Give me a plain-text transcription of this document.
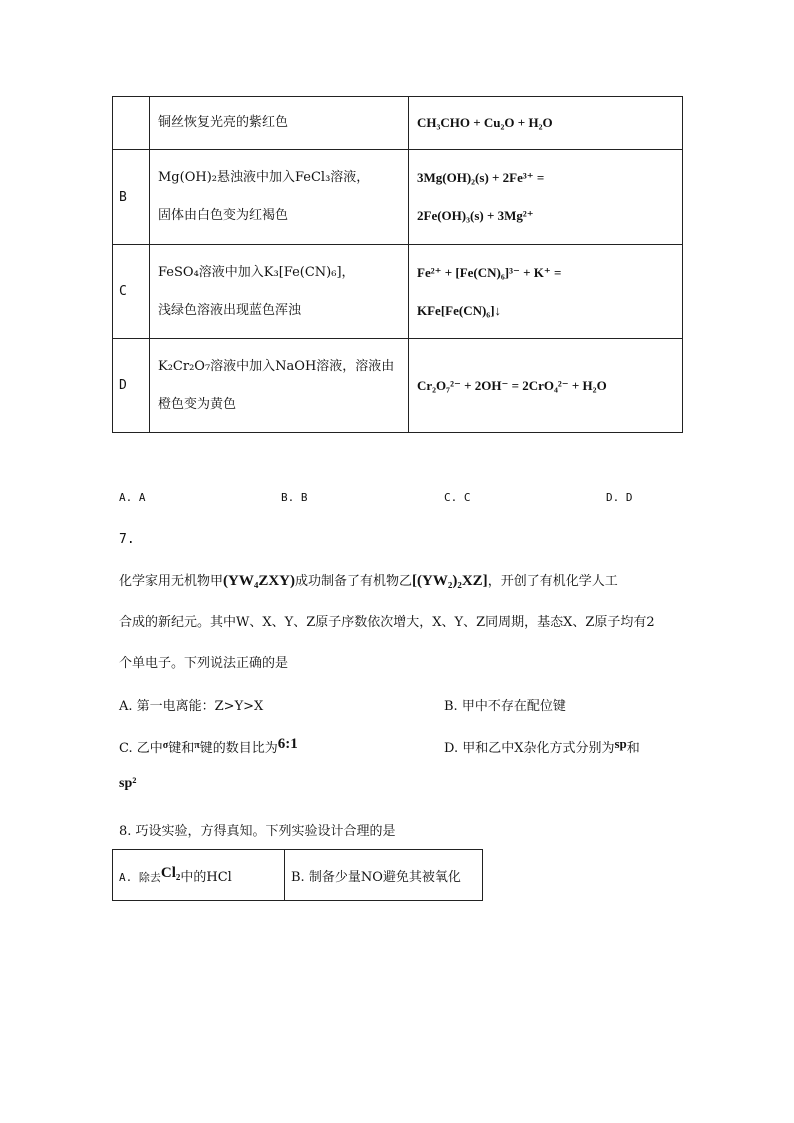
	铜丝恢复光亮的紫红色	CH₃CHO + Cu₂O + H₂O

B	Mg(OH)₂悬浊液中加入FeCl₃溶液，
固体由白色变为红褐色	3Mg(OH)₂(s) + 2Fe³⁺ =
2Fe(OH)₃(s) + 3Mg²⁺

C	FeSO₄溶液中加入K₃[Fe(CN)₆]，
浅绿色溶液出现蓝色浑浊	Fe²⁺ + [Fe(CN)₆]³⁻ + K⁺ =
KFe[Fe(CN)₆]↓

D	K₂Cr₂O₇溶液中加入NaOH溶液，溶液由
橙色变为黄色	Cr₂O₇²⁻ + 2OH⁻ = 2CrO₄²⁻ + H₂O
A. A	B. B	C. C	D. D
7.
化学家用无机物甲(YW₄ZXY)成功制备了有机物乙[(YW₂)₂XZ]，开创了有机化学人工
合成的新纪元。其中W、X、Y、Z原子序数依次增大，X、Y、Z同周期，基态X、Z原子均有2
个单电子。下列说法正确的是
A. 第一电离能：Z>Y>X	B. 甲中不存在配位键
C. 乙中$^\sigma$键和$^\pi$键的数目比为6:1	D. 甲和乙中X杂化方式分别为sp和
sp²
8. 巧设实验，方得真知。下列实验设计合理的是
A. 除去Cl₂中的HCl	B. 制备少量NO避免其被氧化
